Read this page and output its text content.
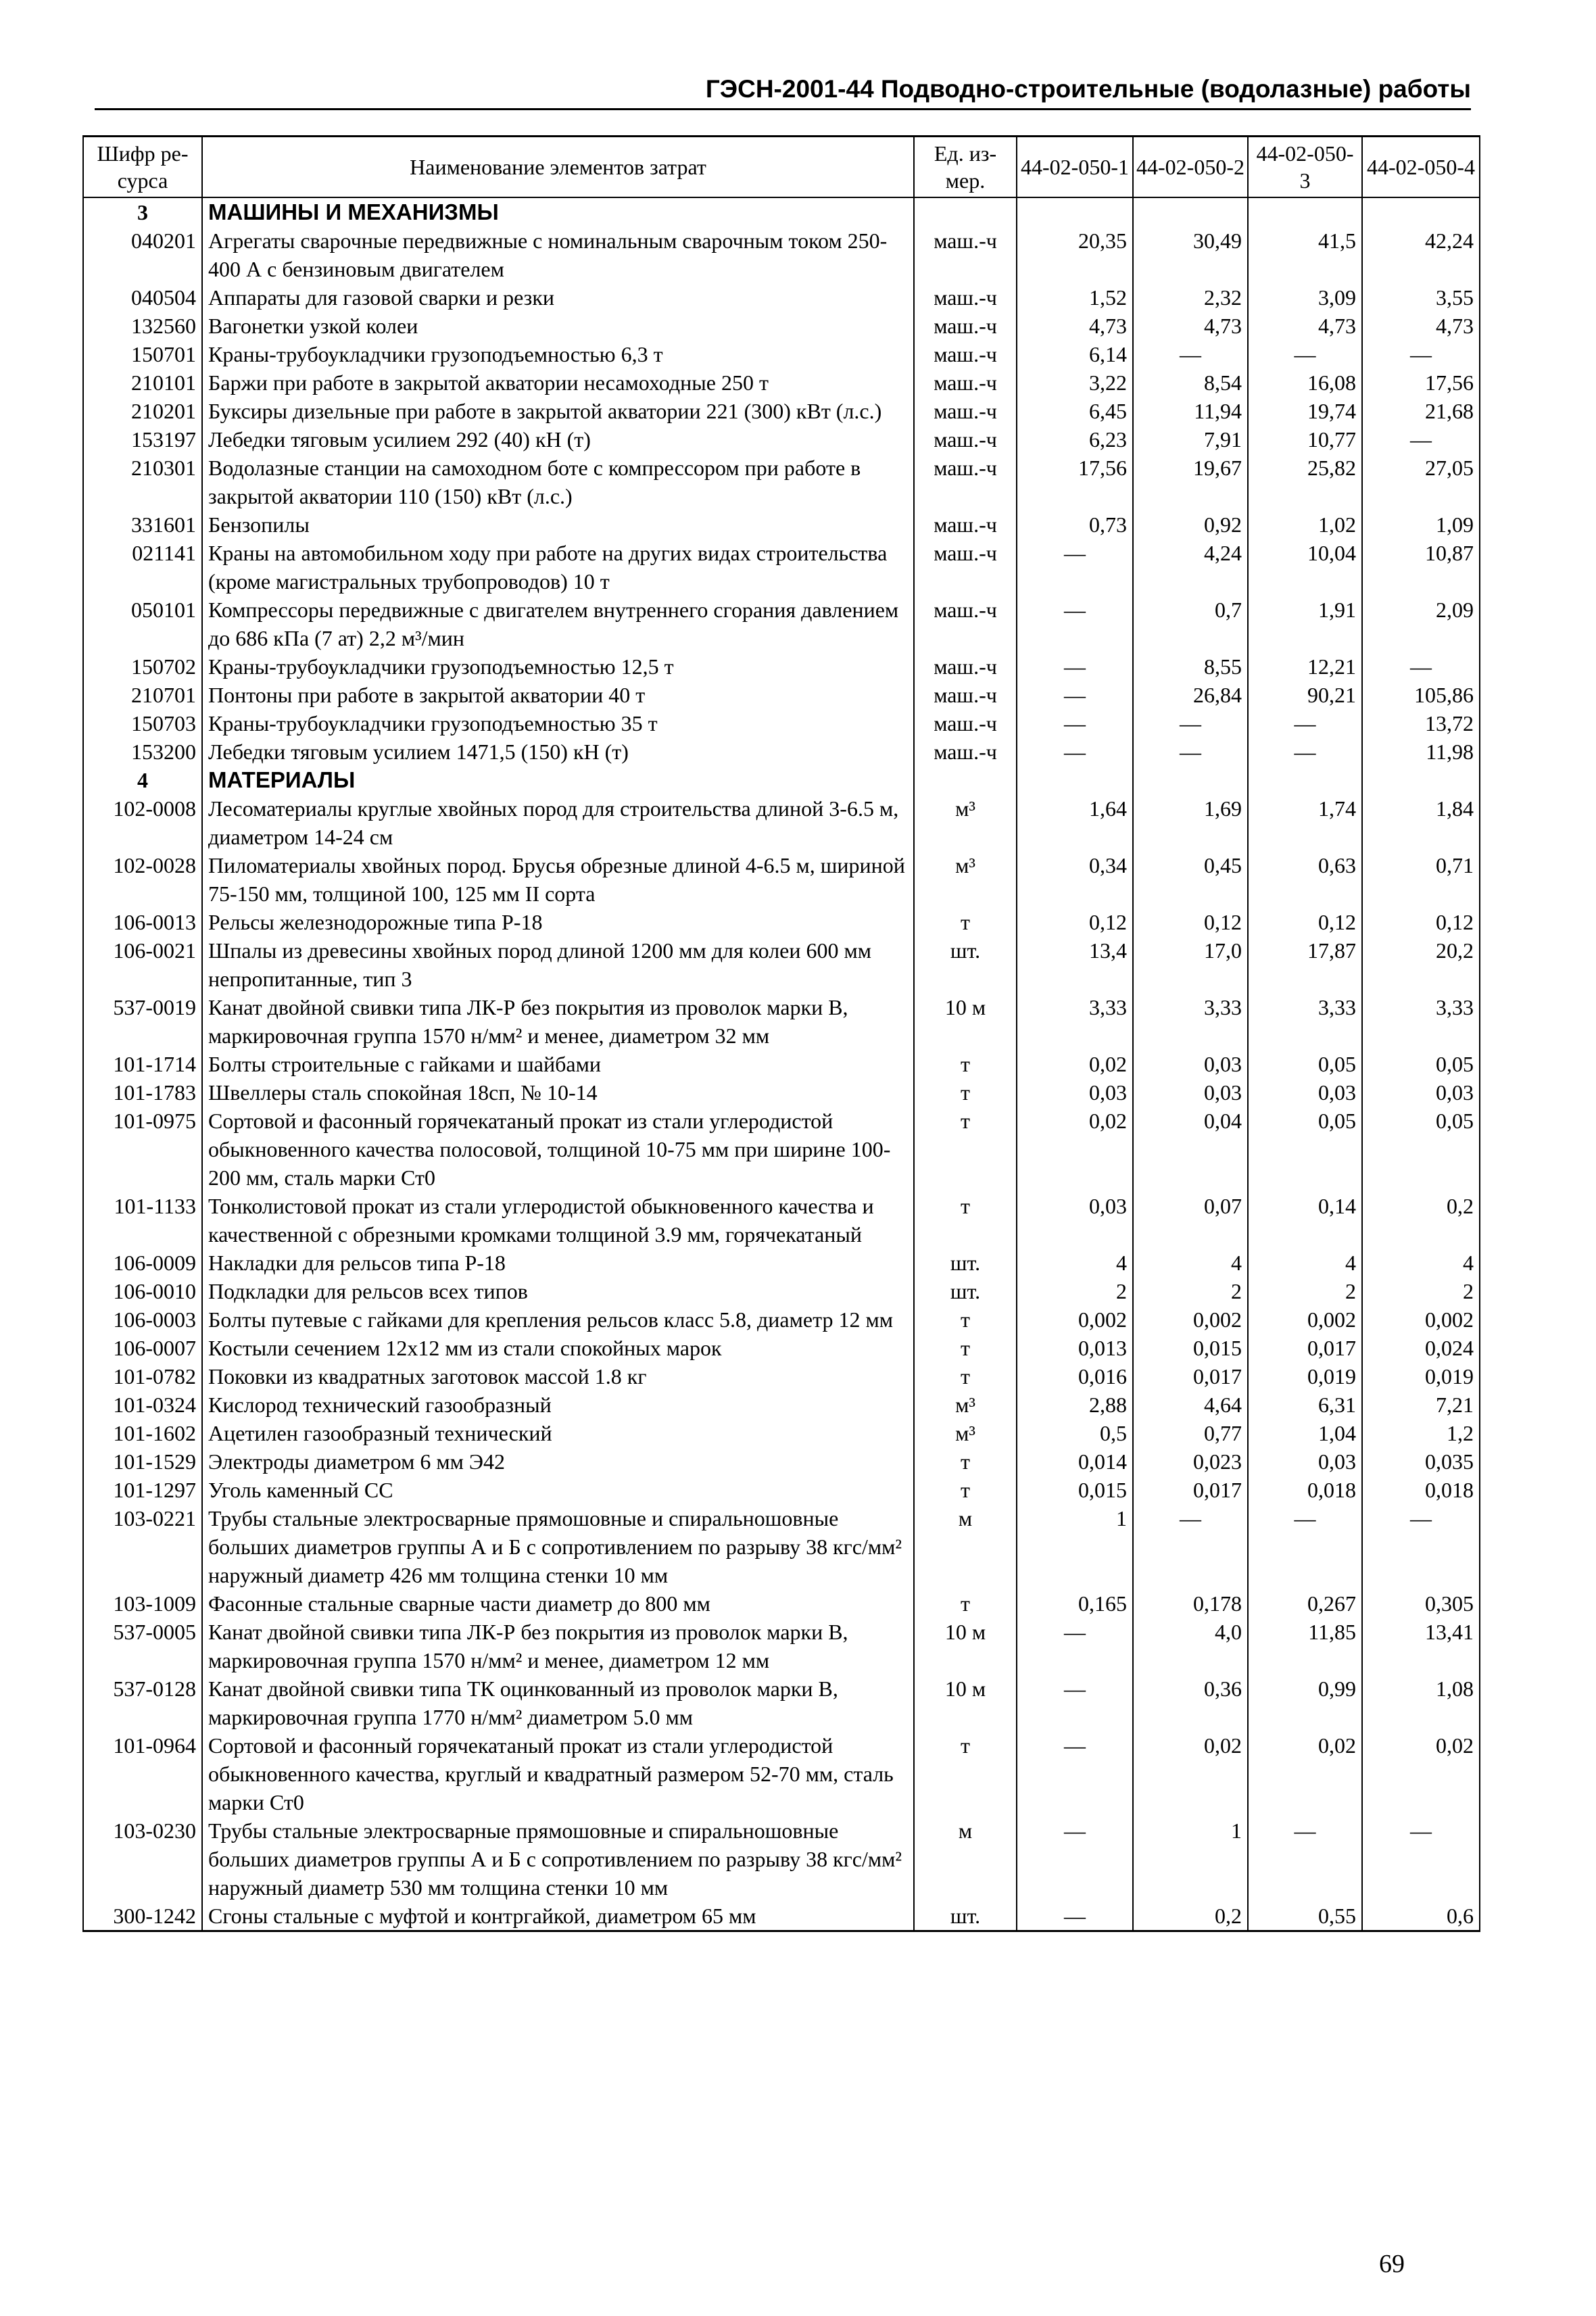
ГЭСН-2001-44 Подводно-строительные (водолазные) работы
Шифр ре-сурса	Наименование элементов затрат	Ед. из-мер.	44-02-050-1	44-02-050-2	44-02-050-3	44-02-050-4
3	МАШИНЫ И МЕХАНИЗМЫ					
040201	Агрегаты сварочные передвижные с номинальным сварочным током 250-400 А с бензиновым двигателем	маш.-ч	20,35	30,49	41,5	42,24
040504	Аппараты для газовой сварки и резки	маш.-ч	1,52	2,32	3,09	3,55
132560	Вагонетки узкой колеи	маш.-ч	4,73	4,73	4,73	4,73
150701	Краны-трубоукладчики грузоподъемностью 6,3 т	маш.-ч	6,14	—	—	—
210101	Баржи при работе в закрытой акватории несамоходные 250 т	маш.-ч	3,22	8,54	16,08	17,56
210201	Буксиры дизельные при работе в закрытой акватории 221 (300) кВт (л.с.)	маш.-ч	6,45	11,94	19,74	21,68
153197	Лебедки тяговым усилием 292 (40) кН (т)	маш.-ч	6,23	7,91	10,77	—
210301	Водолазные станции на самоходном боте с компрессором при работе в закрытой акватории 110 (150) кВт (л.с.)	маш.-ч	17,56	19,67	25,82	27,05
331601	Бензопилы	маш.-ч	0,73	0,92	1,02	1,09
021141	Краны на автомобильном ходу при работе на других видах строительства (кроме магистральных трубопроводов) 10 т	маш.-ч	—	4,24	10,04	10,87
050101	Компрессоры передвижные с двигателем внутреннего сгорания давлением до 686 кПа (7 ат) 2,2 м³/мин	маш.-ч	—	0,7	1,91	2,09
150702	Краны-трубоукладчики грузоподъемностью 12,5 т	маш.-ч	—	8,55	12,21	—
210701	Понтоны при работе в закрытой акватории 40 т	маш.-ч	—	26,84	90,21	105,86
150703	Краны-трубоукладчики грузоподъемностью 35 т	маш.-ч	—	—	—	13,72
153200	Лебедки тяговым усилием 1471,5 (150) кН (т)	маш.-ч	—	—	—	11,98
4	МАТЕРИАЛЫ					
102-0008	Лесоматериалы круглые хвойных пород для строительства длиной 3-6.5 м, диаметром 14-24 см	м³	1,64	1,69	1,74	1,84
102-0028	Пиломатериалы хвойных пород. Брусья обрезные длиной 4-6.5 м, шириной 75-150 мм, толщиной 100, 125 мм II сорта	м³	0,34	0,45	0,63	0,71
106-0013	Рельсы железнодорожные типа Р-18	т	0,12	0,12	0,12	0,12
106-0021	Шпалы из древесины хвойных пород длиной 1200 мм для колеи 600 мм непропитанные, тип 3	шт.	13,4	17,0	17,87	20,2
537-0019	Канат двойной свивки типа ЛК-Р без покрытия из проволок марки В, маркировочная группа 1570 н/мм² и менее, диаметром 32 мм	10 м	3,33	3,33	3,33	3,33
101-1714	Болты строительные с гайками и шайбами	т	0,02	0,03	0,05	0,05
101-1783	Швеллеры сталь спокойная 18сп, № 10-14	т	0,03	0,03	0,03	0,03
101-0975	Сортовой и фасонный горячекатаный прокат из стали углеродистой обыкновенного качества полосовой, толщиной 10-75 мм при ширине 100-200 мм, сталь марки Ст0	т	0,02	0,04	0,05	0,05
101-1133	Тонколистовой прокат из стали углеродистой обыкновенного качества и качественной с обрезными кромками толщиной 3.9 мм, горячекатаный	т	0,03	0,07	0,14	0,2
106-0009	Накладки для рельсов типа Р-18	шт.	4	4	4	4
106-0010	Подкладки для рельсов всех типов	шт.	2	2	2	2
106-0003	Болты путевые с гайками для крепления рельсов класс 5.8, диаметр 12 мм	т	0,002	0,002	0,002	0,002
106-0007	Костыли сечением 12х12 мм из стали спокойных марок	т	0,013	0,015	0,017	0,024
101-0782	Поковки из квадратных заготовок массой 1.8 кг	т	0,016	0,017	0,019	0,019
101-0324	Кислород технический газообразный	м³	2,88	4,64	6,31	7,21
101-1602	Ацетилен газообразный технический	м³	0,5	0,77	1,04	1,2
101-1529	Электроды диаметром 6 мм Э42	т	0,014	0,023	0,03	0,035
101-1297	Уголь каменный СС	т	0,015	0,017	0,018	0,018
103-0221	Трубы стальные электросварные прямошовные и спиральношовные больших диаметров группы А и Б с сопротивлением по разрыву 38 кгс/мм² наружный диаметр 426 мм толщина стенки 10 мм	м	1	—	—	—
103-1009	Фасонные стальные сварные части диаметр до 800 мм	т	0,165	0,178	0,267	0,305
537-0005	Канат двойной свивки типа ЛК-Р без покрытия из проволок марки В, маркировочная группа 1570 н/мм² и менее, диаметром 12 мм	10 м	—	4,0	11,85	13,41
537-0128	Канат двойной свивки типа ТК оцинкованный из проволок марки В, маркировочная группа 1770 н/мм² диаметром 5.0 мм	10 м	—	0,36	0,99	1,08
101-0964	Сортовой и фасонный горячекатаный прокат из стали углеродистой обыкновенного качества, круглый и квадратный размером 52-70 мм, сталь марки Ст0	т	—	0,02	0,02	0,02
103-0230	Трубы стальные электросварные прямошовные и спиральношовные больших диаметров группы А и Б с сопротивлением по разрыву 38 кгс/мм² наружный диаметр 530 мм толщина стенки 10 мм	м	—	1	—	—
300-1242	Сгоны стальные с муфтой и контргайкой, диаметром 65 мм	шт.	—	0,2	0,55	0,6
69
